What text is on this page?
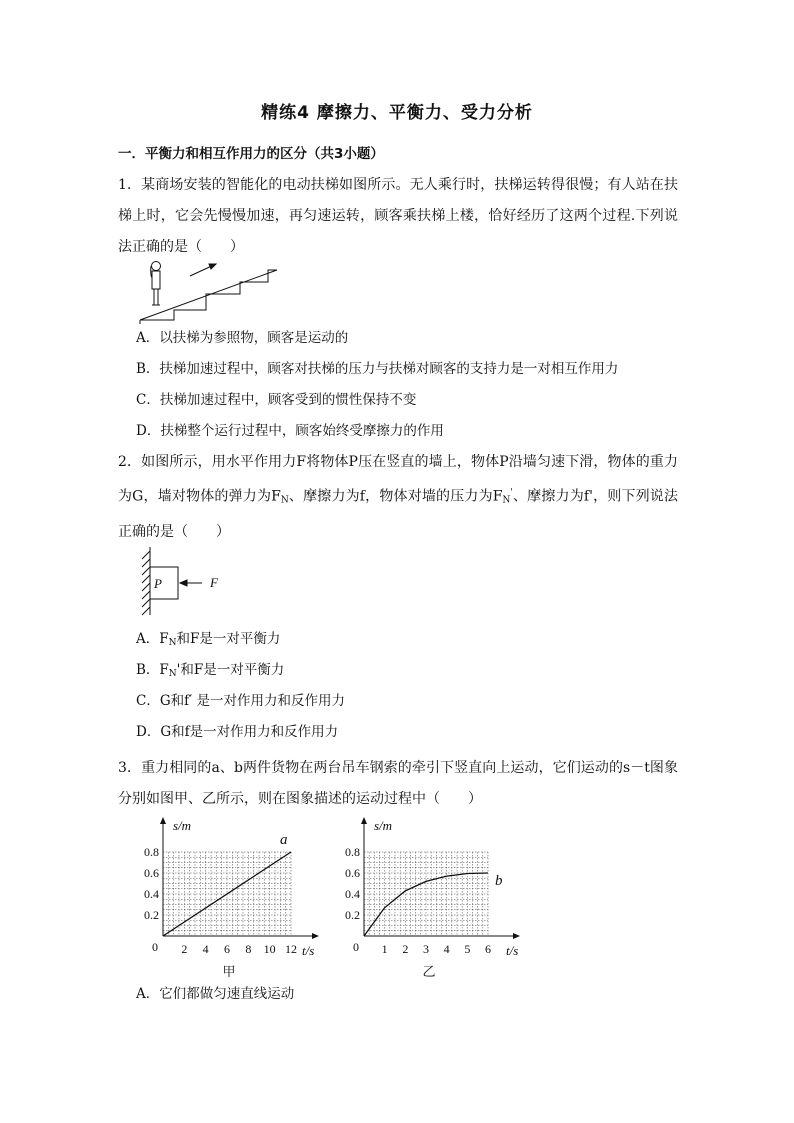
精练4 摩擦力、平衡力、受力分析
一．平衡力和相互作用力的区分（共3小题）
1．某商场安装的智能化的电动扶梯如图所示。无人乘行时，扶梯运转得很慢；有人站在扶梯上时，它会先慢慢加速，再匀速运转，顾客乘扶梯上楼，恰好经历了这两个过程.下列说法正确的是（　　）
A．以扶梯为参照物，顾客是运动的
B．扶梯加速过程中，顾客对扶梯的压力与扶梯对顾客的支持力是一对相互作用力
C．扶梯加速过程中，顾客受到的惯性保持不变
D．扶梯整个运行过程中，顾客始终受摩擦力的作用
2．如图所示，用水平作用力F将物体P压在竖直的墙上，物体P沿墙匀速下滑，物体的重力为G，墙对物体的弹力为$F_N$、摩擦力为f，物体对墙的压力为$F_N'$、摩擦力为f'，则下列说法正确的是（　　）
P	F
A．$F_N$和F是一对平衡力
B．$F_N'$和F是一对平衡力
C．G和f′ 是一对作用力和反作用力
D．G和f是一对作用力和反作用力
3．重力相同的a、b两件货物在两台吊车钢索的牵引下竖直向上运动，它们运动的s－t图象分别如图甲、乙所示，则在图象描述的运动过程中（　　）
s/m
t/s
0 2 4 6 8 10 12
0.2
0.4
0.6
0.8
a
甲
s/m
t/s
0 1 2 3 4 5 6
0.2
0.4
0.6
0.8
b
乙
A．它们都做匀速直线运动
